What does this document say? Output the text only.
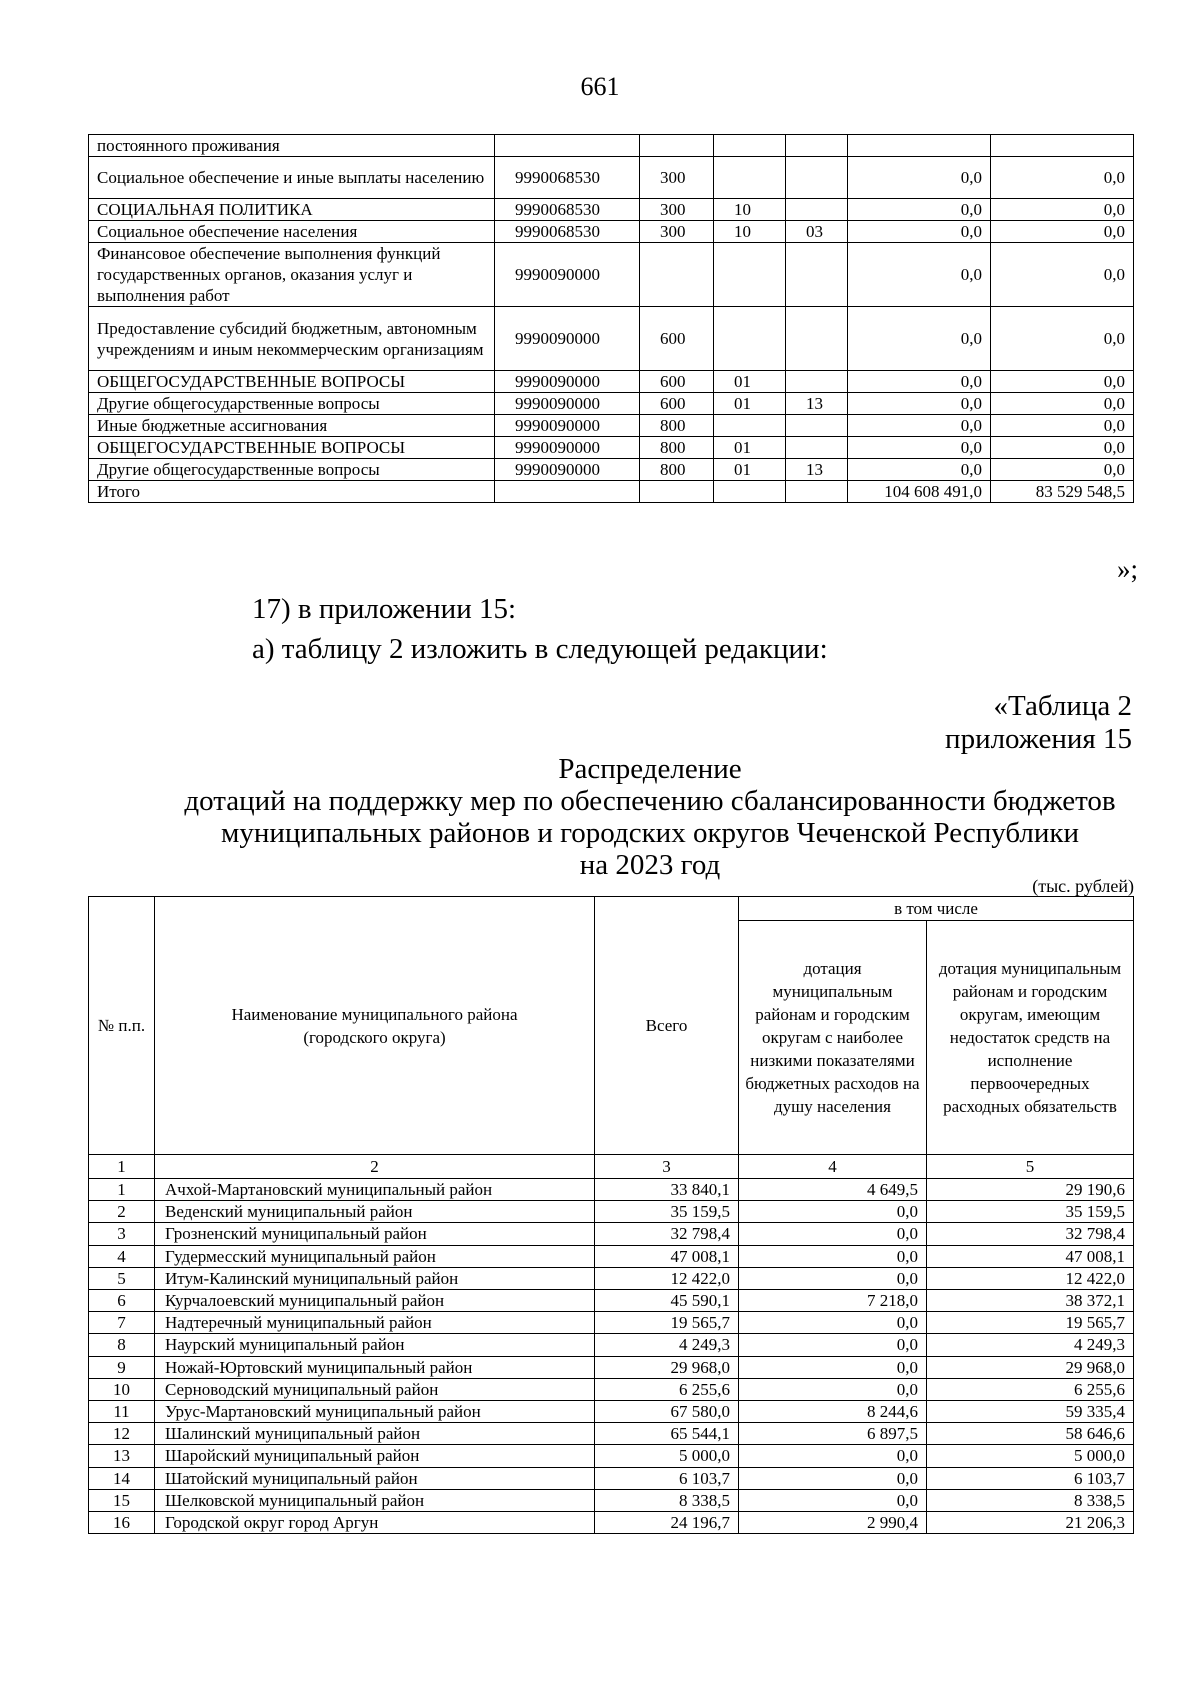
661
постоянного проживания						
Социальное обеспечение и иные выплаты населению	9990068530	300			0,0	0,0
СОЦИАЛЬНАЯ ПОЛИТИКА	9990068530	300	10		0,0	0,0
Социальное обеспечение населения	9990068530	300	10	03	0,0	0,0
Финансовое обеспечение выполнения функций государственных органов, оказания услуг и выполнения работ	9990090000				0,0	0,0
Предоставление субсидий бюджетным, автономным учреждениям и иным некоммерческим организациям	9990090000	600			0,0	0,0
ОБЩЕГОСУДАРСТВЕННЫЕ ВОПРОСЫ	9990090000	600	01		0,0	0,0
Другие общегосударственные вопросы	9990090000	600	01	13	0,0	0,0
Иные бюджетные ассигнования	9990090000	800			0,0	0,0
ОБЩЕГОСУДАРСТВЕННЫЕ ВОПРОСЫ	9990090000	800	01		0,0	0,0
Другие общегосударственные вопросы	9990090000	800	01	13	0,0	0,0
Итого					104 608 491,0	83 529 548,5
»;
17) в приложении 15:
а) таблицу 2 изложить в следующей редакции:
«Таблица 2
приложения 15
Распределение
дотаций на поддержку мер по обеспечению сбалансированности бюджетов
муниципальных районов и городских округов Чеченской Республики
на 2023 год
(тыс. рублей)
№ п.п.	Наименование муниципального района (городского округа)	Всего	в том числе	
			дотация муниципальным районам и городским округам с наиболее низкими показателями бюджетных расходов на душу населения	дотация муниципальным районам и городским округам, имеющим недостаток средств на исполнение первоочередных расходных обязательств
1	2	3	4	5
1	Ачхой-Мартановский муниципальный район	33 840,1	4 649,5	29 190,6
2	Веденский муниципальный район	35 159,5	0,0	35 159,5
3	Грозненский муниципальный район	32 798,4	0,0	32 798,4
4	Гудермесский муниципальный район	47 008,1	0,0	47 008,1
5	Итум-Калинский муниципальный район	12 422,0	0,0	12 422,0
6	Курчалоевский муниципальный район	45 590,1	7 218,0	38 372,1
7	Надтеречный муниципальный район	19 565,7	0,0	19 565,7
8	Наурский муниципальный район	4 249,3	0,0	4 249,3
9	Ножай-Юртовский муниципальный район	29 968,0	0,0	29 968,0
10	Серноводский муниципальный район	6 255,6	0,0	6 255,6
11	Урус-Мартановский муниципальный район	67 580,0	8 244,6	59 335,4
12	Шалинский муниципальный район	65 544,1	6 897,5	58 646,6
13	Шаройский муниципальный район	5 000,0	0,0	5 000,0
14	Шатойский муниципальный район	6 103,7	0,0	6 103,7
15	Шелковской муниципальный район	8 338,5	0,0	8 338,5
16	Городской округ город Аргун	24 196,7	2 990,4	21 206,3
